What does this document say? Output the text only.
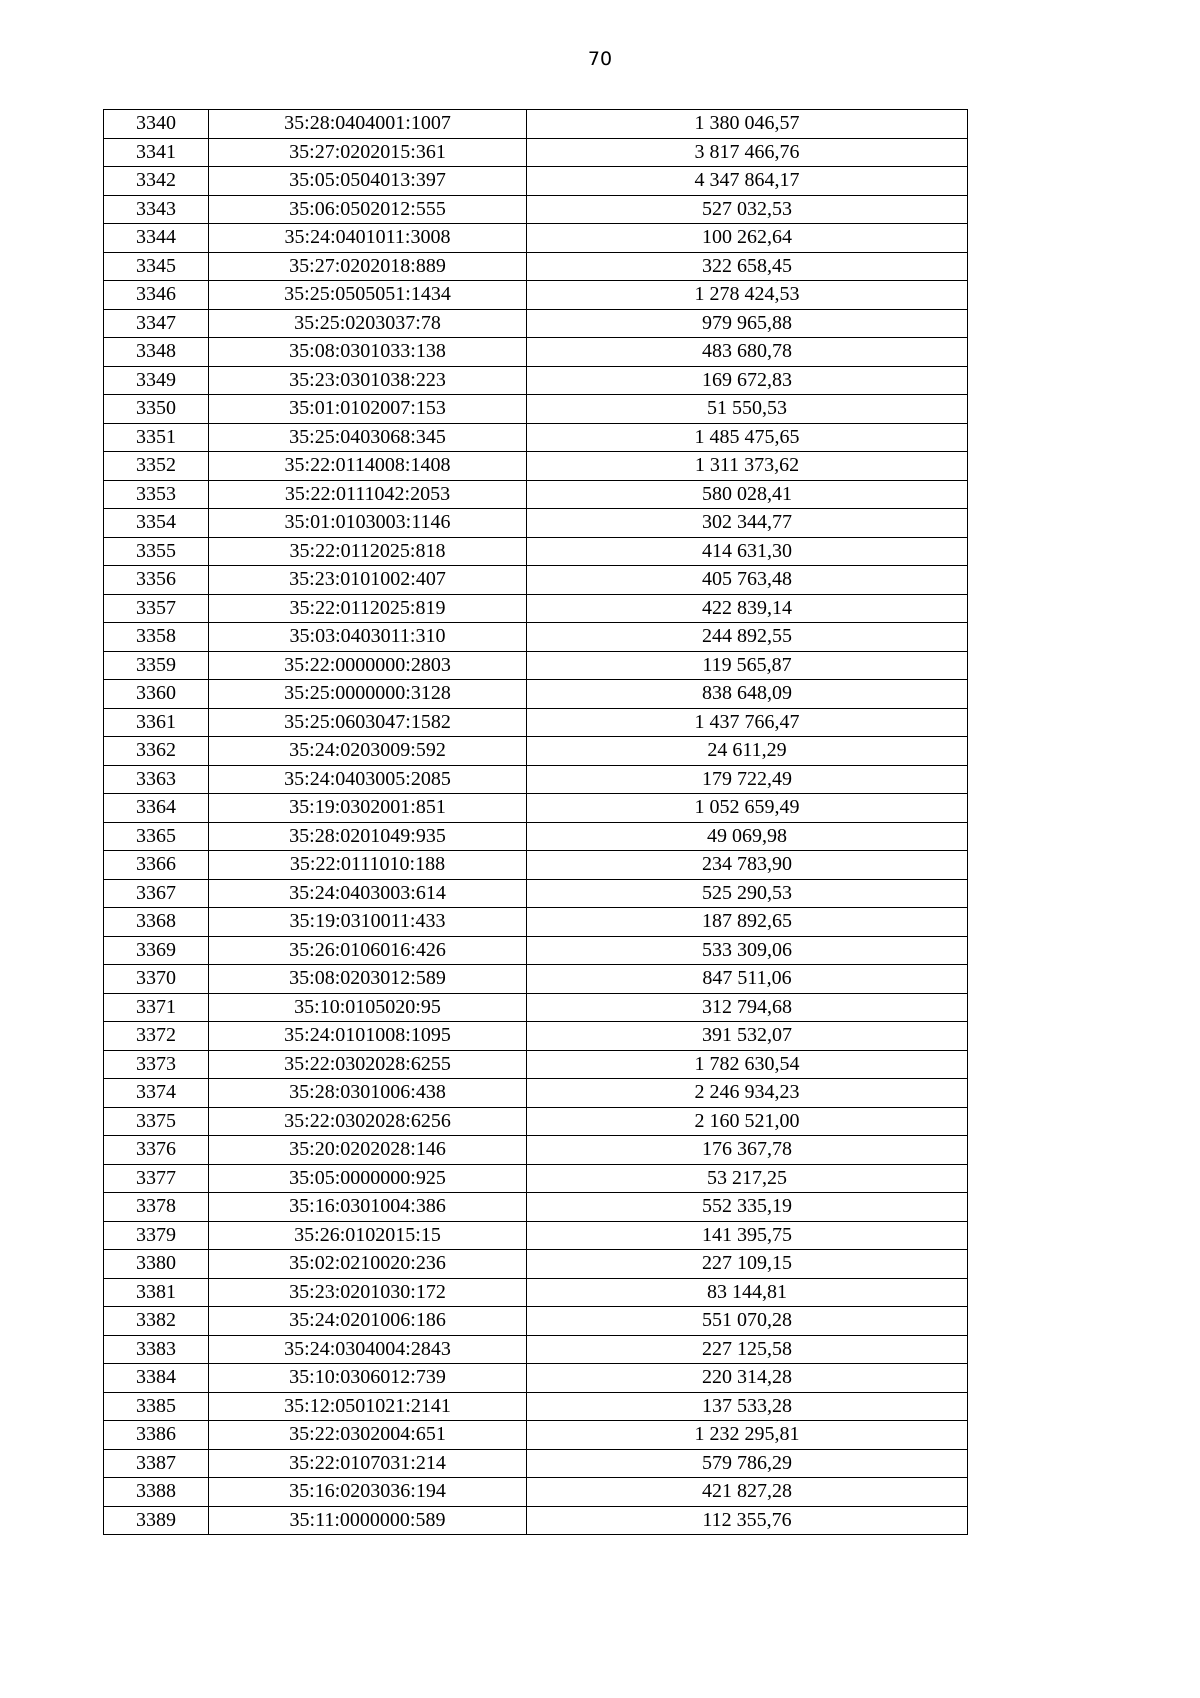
70
3340	35:28:0404001:1007	1 380 046,57
3341	35:27:0202015:361	3 817 466,76
3342	35:05:0504013:397	4 347 864,17
3343	35:06:0502012:555	527 032,53
3344	35:24:0401011:3008	100 262,64
3345	35:27:0202018:889	322 658,45
3346	35:25:0505051:1434	1 278 424,53
3347	35:25:0203037:78	979 965,88
3348	35:08:0301033:138	483 680,78
3349	35:23:0301038:223	169 672,83
3350	35:01:0102007:153	51 550,53
3351	35:25:0403068:345	1 485 475,65
3352	35:22:0114008:1408	1 311 373,62
3353	35:22:0111042:2053	580 028,41
3354	35:01:0103003:1146	302 344,77
3355	35:22:0112025:818	414 631,30
3356	35:23:0101002:407	405 763,48
3357	35:22:0112025:819	422 839,14
3358	35:03:0403011:310	244 892,55
3359	35:22:0000000:2803	119 565,87
3360	35:25:0000000:3128	838 648,09
3361	35:25:0603047:1582	1 437 766,47
3362	35:24:0203009:592	24 611,29
3363	35:24:0403005:2085	179 722,49
3364	35:19:0302001:851	1 052 659,49
3365	35:28:0201049:935	49 069,98
3366	35:22:0111010:188	234 783,90
3367	35:24:0403003:614	525 290,53
3368	35:19:0310011:433	187 892,65
3369	35:26:0106016:426	533 309,06
3370	35:08:0203012:589	847 511,06
3371	35:10:0105020:95	312 794,68
3372	35:24:0101008:1095	391 532,07
3373	35:22:0302028:6255	1 782 630,54
3374	35:28:0301006:438	2 246 934,23
3375	35:22:0302028:6256	2 160 521,00
3376	35:20:0202028:146	176 367,78
3377	35:05:0000000:925	53 217,25
3378	35:16:0301004:386	552 335,19
3379	35:26:0102015:15	141 395,75
3380	35:02:0210020:236	227 109,15
3381	35:23:0201030:172	83 144,81
3382	35:24:0201006:186	551 070,28
3383	35:24:0304004:2843	227 125,58
3384	35:10:0306012:739	220 314,28
3385	35:12:0501021:2141	137 533,28
3386	35:22:0302004:651	1 232 295,81
3387	35:22:0107031:214	579 786,29
3388	35:16:0203036:194	421 827,28
3389	35:11:0000000:589	112 355,76
